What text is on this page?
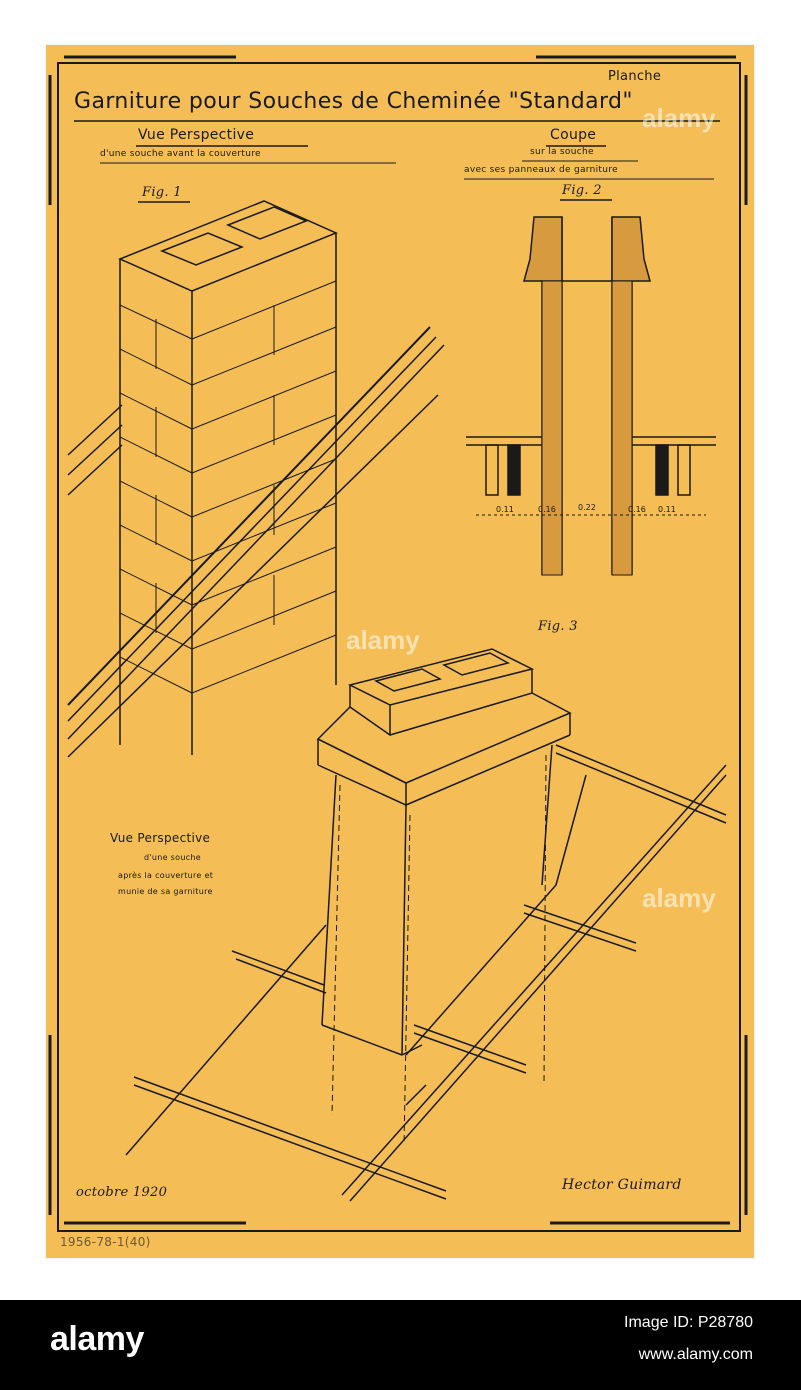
Planche
Garniture pour Souches de Cheminée "Standard"
Vue Perspective
d'une souche avant la couverture
Coupe
sur la souche
avec ses panneaux de garniture
Fig. 1	Fig. 2
Fig. 3
Vue Perspective
d'une souche
après la couverture et
munie de sa garniture
0.11	0.16	0.22	0.16 0.11
octobre 1920	Hector Guimard
1956-78-1(40)
alamy
alamy
alamy
alamy	Image ID: P28780
www.alamy.com
